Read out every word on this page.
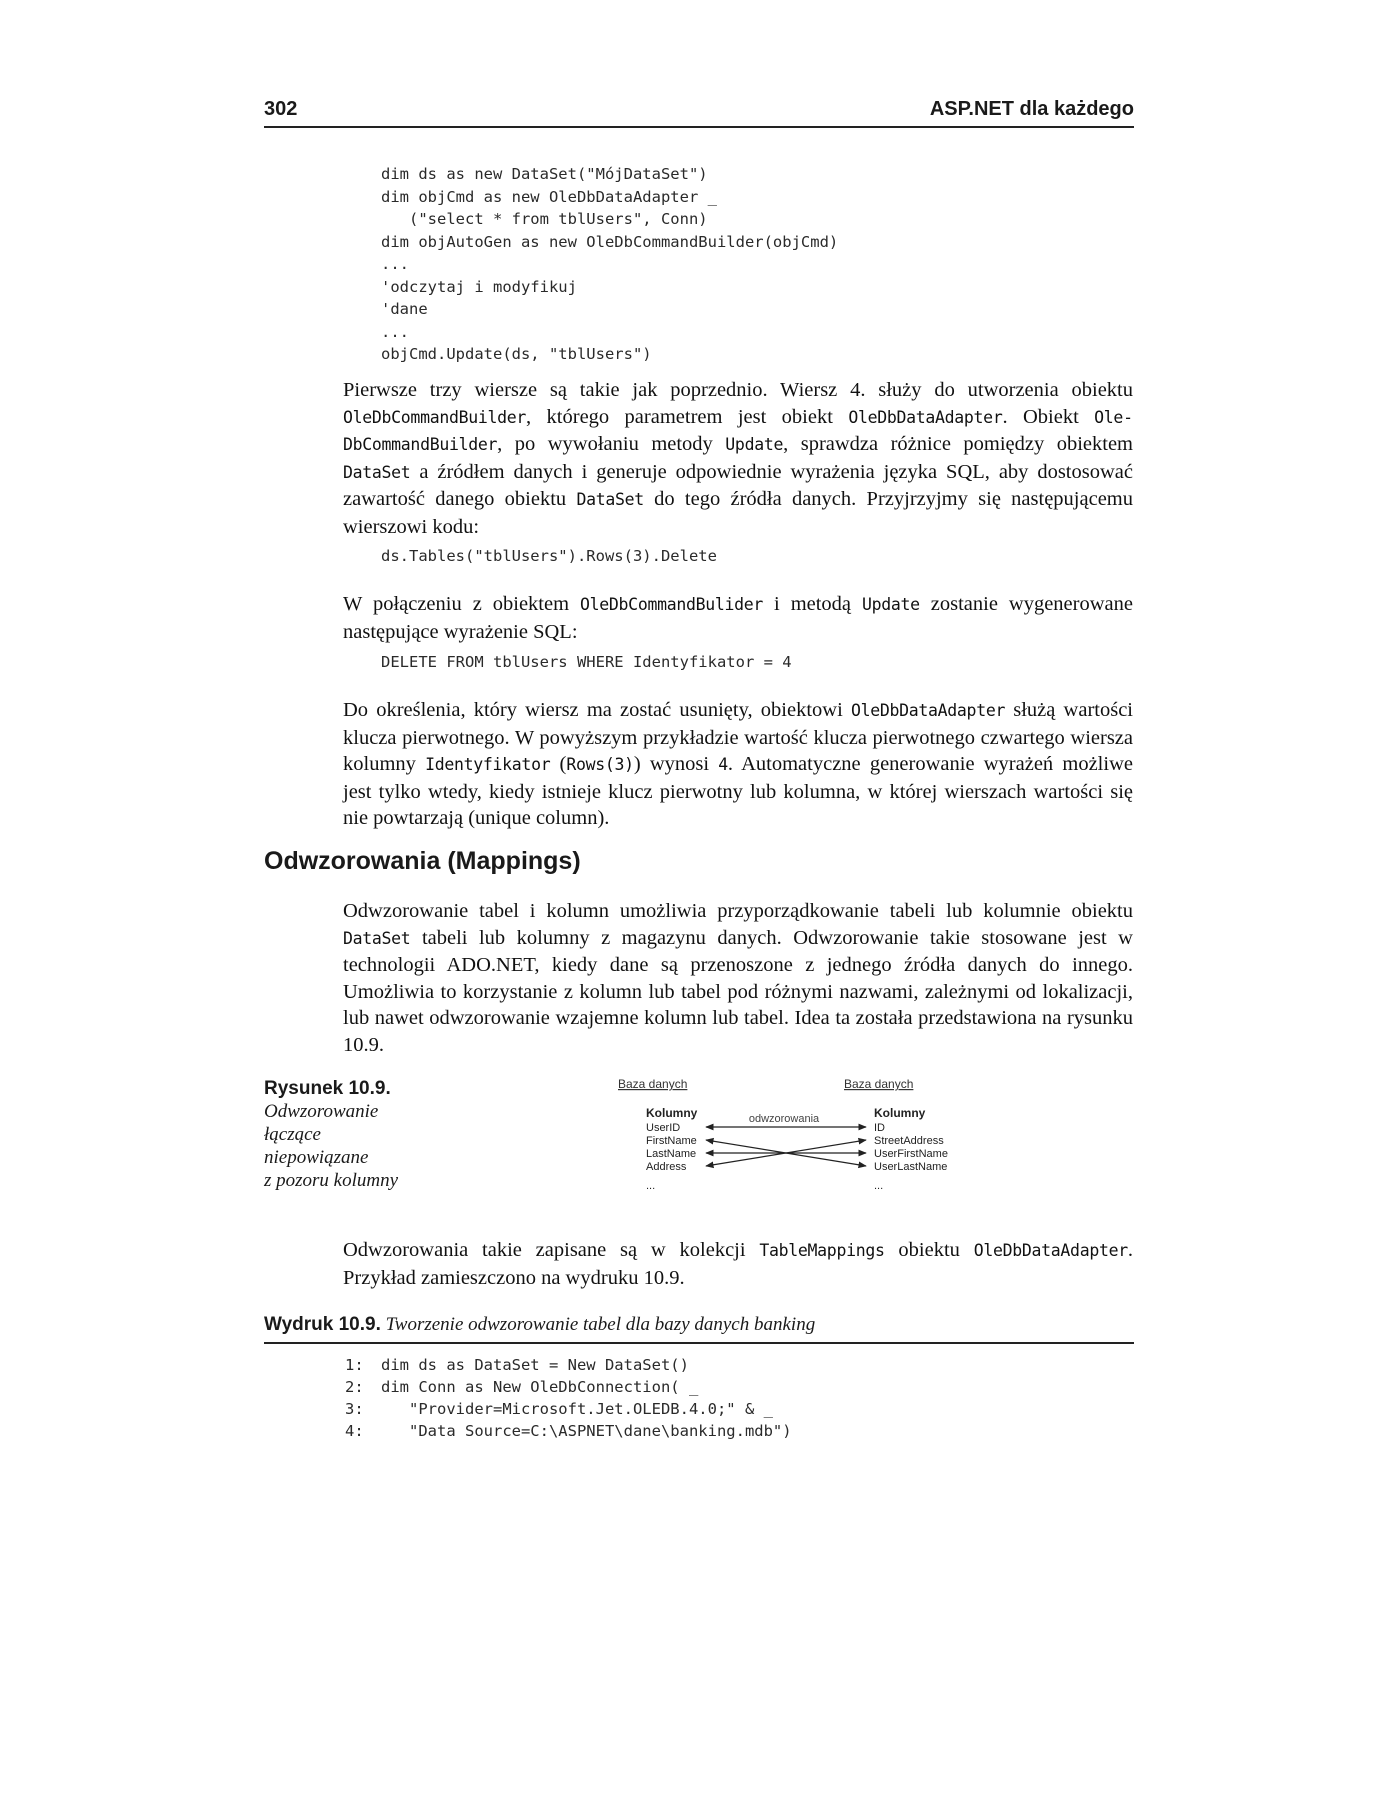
302	ASP.NET dla każdego
dim ds as new DataSet("MójDataSet")
dim objCmd as new OleDbDataAdapter _
("select * from tblUsers", Conn)
dim objAutoGen as new OleDbCommandBuilder(objCmd)
...
'odczytaj i modyfikuj
'dane
...
objCmd.Update(ds, "tblUsers")

Pierwsze trzy wiersze są takie jak poprzednio. Wiersz 4. służy do utworzenia obiektu OleDbCommandBuilder, którego parametrem jest obiekt OleDbDataAdapter. Obiekt OleDbCommandBuilder, po wywołaniu metody Update, sprawdza różnice pomiędzy obiektem DataSet a źródłem danych i generuje odpowiednie wyrażenia języka SQL, aby dostosować zawartość danego obiektu DataSet do tego źródła danych. Przyjrzyjmy się następującemu wierszowi kodu:

ds.Tables("tblUsers").Rows(3).Delete

W połączeniu z obiektem OleDbCommandBulider i metodą Update zostanie wygenerowane następujące wyrażenie SQL:

DELETE FROM tblUsers WHERE Identyfikator = 4

Do określenia, który wiersz ma zostać usunięty, obiektowi OleDbDataAdapter służą wartości klucza pierwotnego. W powyższym przykładzie wartość klucza pierwotnego czwartego wiersza kolumny Identyfikator (Rows(3)) wynosi 4. Automatyczne generowanie wyrażeń możliwe jest tylko wtedy, kiedy istnieje klucz pierwotny lub kolumna, w której wierszach wartości się nie powtarzają (unique column).

Odwzorowania (Mappings)

Odwzorowanie tabel i kolumn umożliwia przyporządkowanie tabeli lub kolumnie obiektu DataSet tabeli lub kolumny z magazynu danych. Odwzorowanie takie stosowane jest w technologii ADO.NET, kiedy dane są przenoszone z jednego źródła danych do innego. Umożliwia to korzystanie z kolumn lub tabel pod różnymi nazwami, zależnymi od lokalizacji, lub nawet odwzorowanie wzajemne kolumn lub tabel. Idea ta została przedstawiona na rysunku 10.9.

Rysunek 10.9.
Odwzorowanie
łączące
niepowiązane
z pozoru kolumny
Baza danych	Baza danych
Kolumny	Kolumny
odwzorowania
UserID
FirstName
LastName
Address
...
ID
StreetAddress
UserFirstName
UserLastName
...

Odwzorowania takie zapisane są w kolekcji TableMappings obiektu OleDbDataAdapter. Przykład zamieszczono na wydruku 10.9.

Wydruk 10.9. Tworzenie odwzorowanie tabel dla bazy danych banking
1: dim ds as DataSet = New DataSet()
2: dim Conn as New OleDbConnection( _
3:   "Provider=Microsoft.Jet.OLEDB.4.0;" & _
4:   "Data Source=C:\ASPNET\dane\banking.mdb")
